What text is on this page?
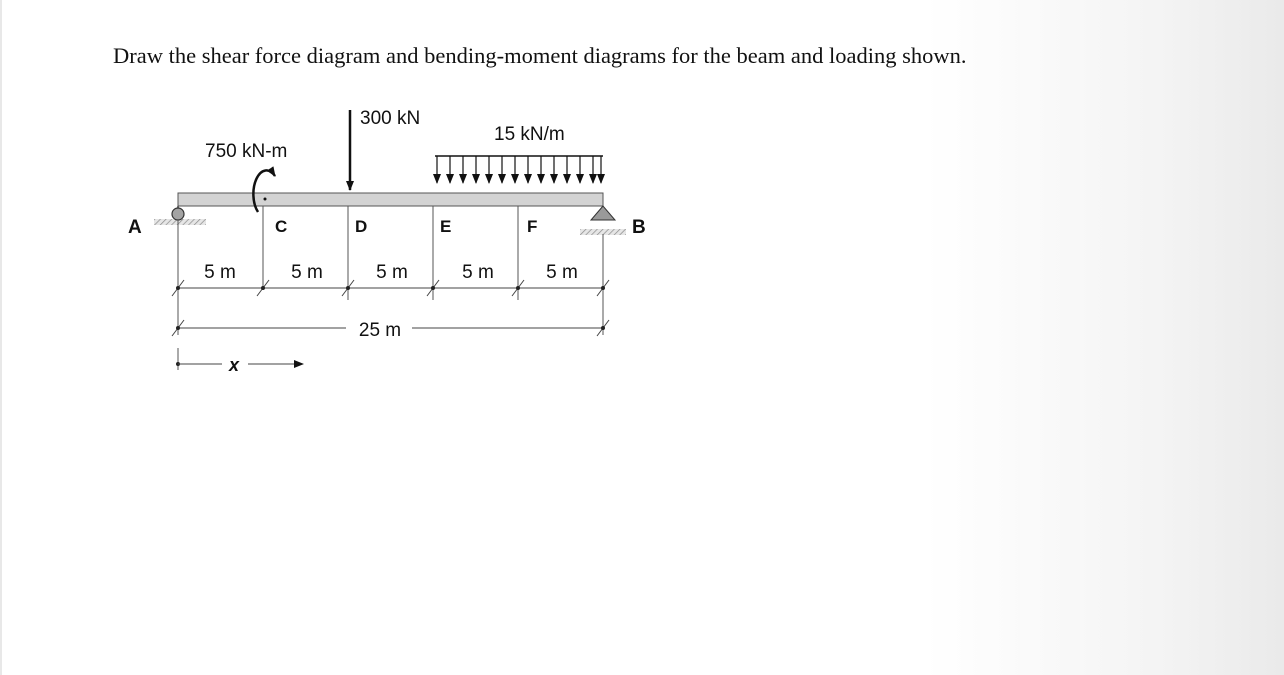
Draw the shear force diagram and bending-moment diagrams for the beam and loading shown.

A	B
C	D	E	F
300 kN
750 kN-m
15 kN/m
5 m	5 m	5 m	5 m	5 m
25 m
x
